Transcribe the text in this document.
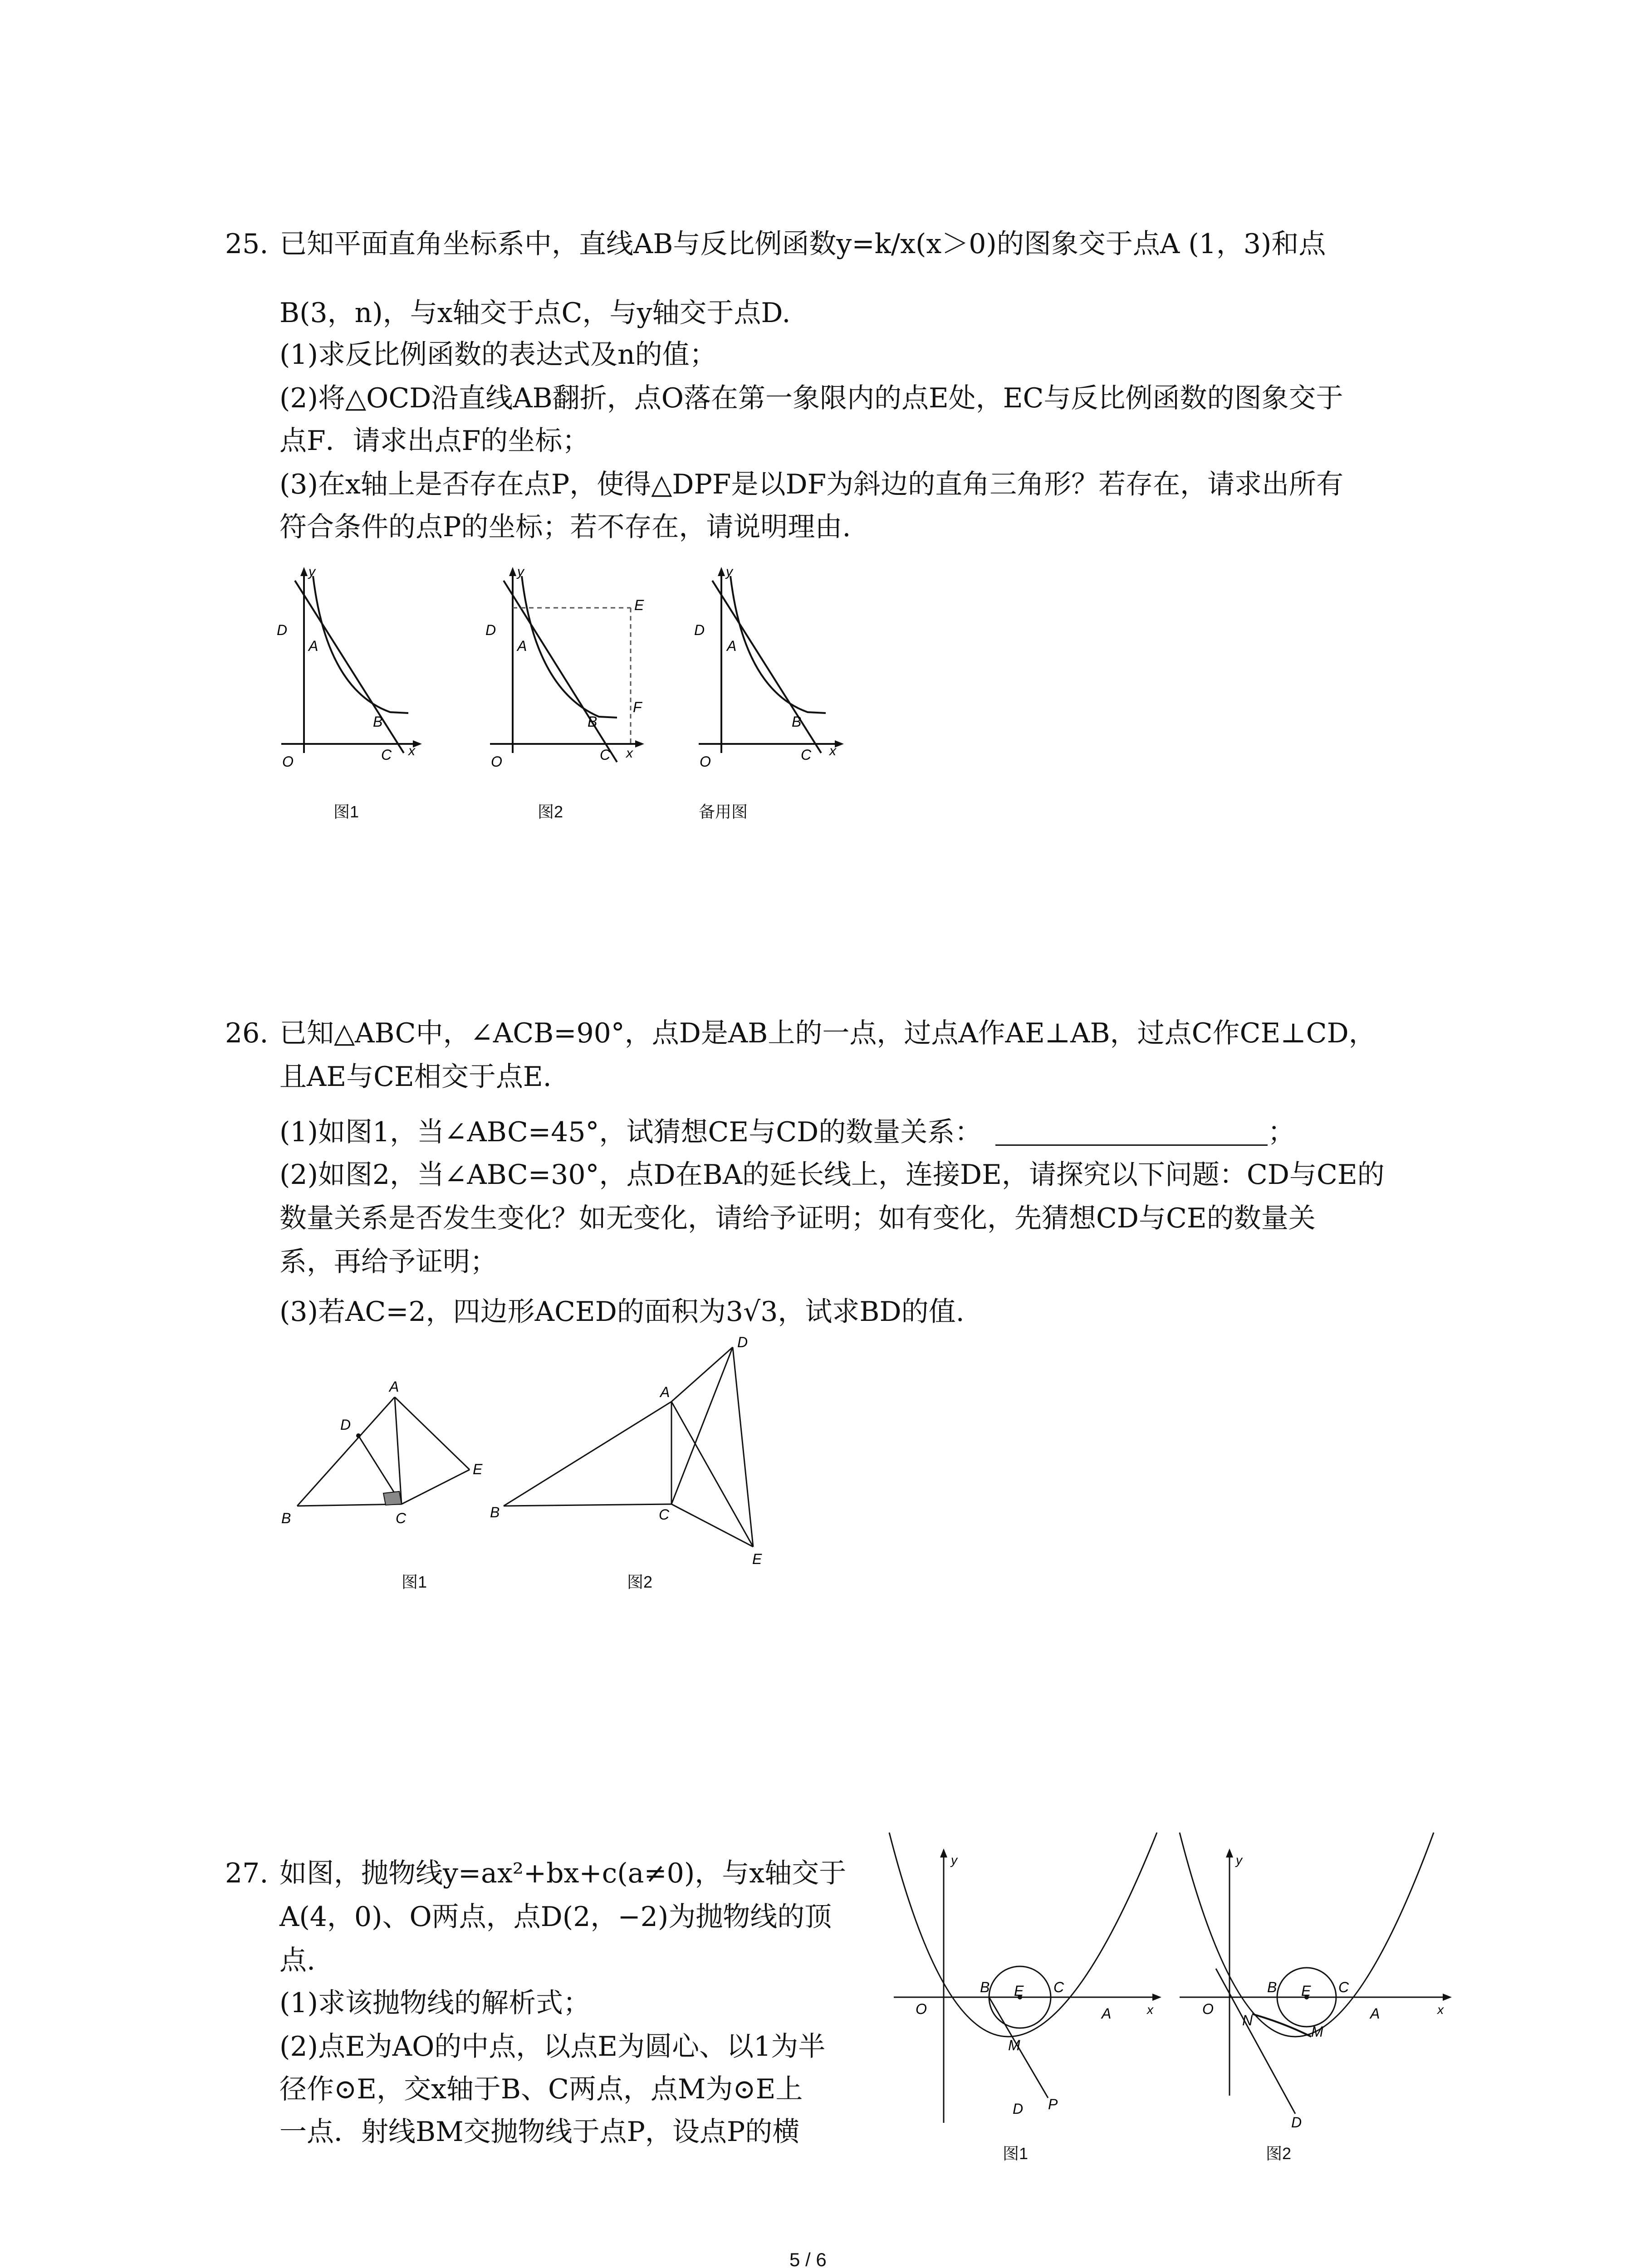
25. 已知平面直角坐标系中，直线AB与反比例函数y=k/x(x＞0)的图象交于点A (1，3)和点
B(3，n)，与x轴交于点C，与y轴交于点D.
(1)求反比例函数的表达式及n的值；
(2)将△OCD沿直线AB翻折，点O落在第一象限内的点E处，EC与反比例函数的图象交于
点F．请求出点F的坐标；
(3)在x轴上是否存在点P，使得△DPF是以DF为斜边的直角三角形？若存在，请求出所有
符合条件的点P的坐标；若不存在，请说明理由.
y
D
A
B
O	C x
图1
y
D
A
B
E
F
O	C x
图2
y
D
A
B
O	C x
备用图
26. 已知△ABC中，∠ACB=90°，点D是AB上的一点，过点A作AE⊥AB，过点C作CE⊥CD，
且AE与CE相交于点E.
(1)如图1，当∠ABC=45°，试猜想CE与CD的数量关系：	；
(2)如图2，当∠ABC=30°，点D在BA的延长线上，连接DE，请探究以下问题：CD与CE的
数量关系是否发生变化？如无变化，请给予证明；如有变化，先猜想CD与CE的数量关
系，再给予证明；
(3)若AC=2，四边形ACED的面积为3√3，试求BD的值.
A
D
E
B	C
图1
A
D
B	C
E
图2
27. 如图，抛物线y=ax²+bx+c(a≠0)，与x轴交于
A(4，0)、O两点，点D(2，−2)为抛物线的顶
点.
(1)求该抛物线的解析式；
(2)点E为AO的中点，以点E为圆心、以1为半
径作⊙E，交x轴于B、C两点，点M为⊙E上
一点．射线BM交抛物线于点P，设点P的横
y
O
B E C
A	x
M
P
D
图1
y
O
B E C
A	x
N
M
D
图2
5 / 6
